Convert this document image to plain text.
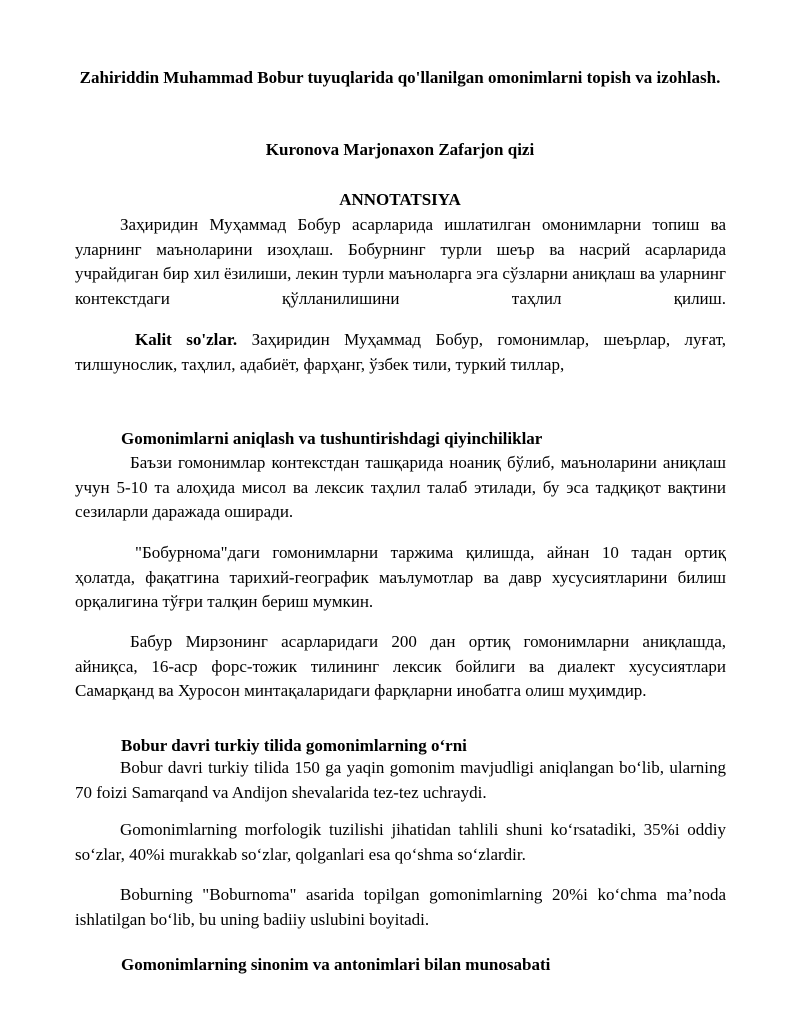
Zahiriddin Muhammad Bobur tuyuqlarida qo'llanilgan omonimlarni topish va izohlash.
Kuronova Marjonaxon Zafarjon qizi
ANNOTATSIYA

Заҳиридин Муҳаммад Бобур асарларида ишлатилган омонимларни топиш ва уларнинг маъноларини изоҳлаш. Бобурнинг турли шеър ва насрий асарларида учрайдиган бир хил ёзилиши, лекин турли маъноларга эга сўзларни аниқлаш ва уларнинг контекстдаги қўлланилишини таҳлил қилиш.

Kalit so'zlar. Заҳиридин Муҳаммад Бобур, гомонимлар, шеърлар, луғат, тилшунослик, таҳлил, адабиёт, фарҳанг, ўзбек тили, туркий тиллар,

Gomonimlarni aniqlash va tushuntirishdagi qiyinchiliklar

Баъзи гомонимлар контекстдан ташқарида ноаниқ бўлиб, маъноларини аниқлаш учун 5-10 та алоҳида мисол ва лексик таҳлил талаб этилади, бу эса тадқиқот вақтини сезиларли даражада оширади.

"Бобурнома"даги гомонимларни таржима қилишда, айнан 10 тадан ортиқ ҳолатда, фақатгина тарихий-географик маълумотлар ва давр хусусиятларини билиш орқалигина тўғри талқин бериш мумкин.

Бабур Мирзонинг асарларидаги 200 дан ортиқ гомонимларни аниқлашда, айниқса, 16-аср форс-тожик тилининг лексик бойлиги ва диалект хусусиятлари Самарқанд ва Хуросон минтақаларидаги фарқларни инобатга олиш муҳимдир.

Bobur davri turkiy tilida gomonimlarning o‘rni

Bobur davri turkiy tilida 150 ga yaqin gomonim mavjudligi aniqlangan bo‘lib, ularning 70 foizi Samarqand va Andijon shevalarida tez-tez uchraydi.

Gomonimlarning morfologik tuzilishi jihatidan tahlili shuni ko‘rsatadiki, 35%i oddiy so‘zlar, 40%i murakkab so‘zlar, qolganlari esa qo‘shma so‘zlardir.

Boburning "Boburnoma" asarida topilgan gomonimlarning 20%i ko‘chma ma’noda ishlatilgan bo‘lib, bu uning badiiy uslubini boyitadi.

Gomonimlarning sinonim va antonimlari bilan munosabati
